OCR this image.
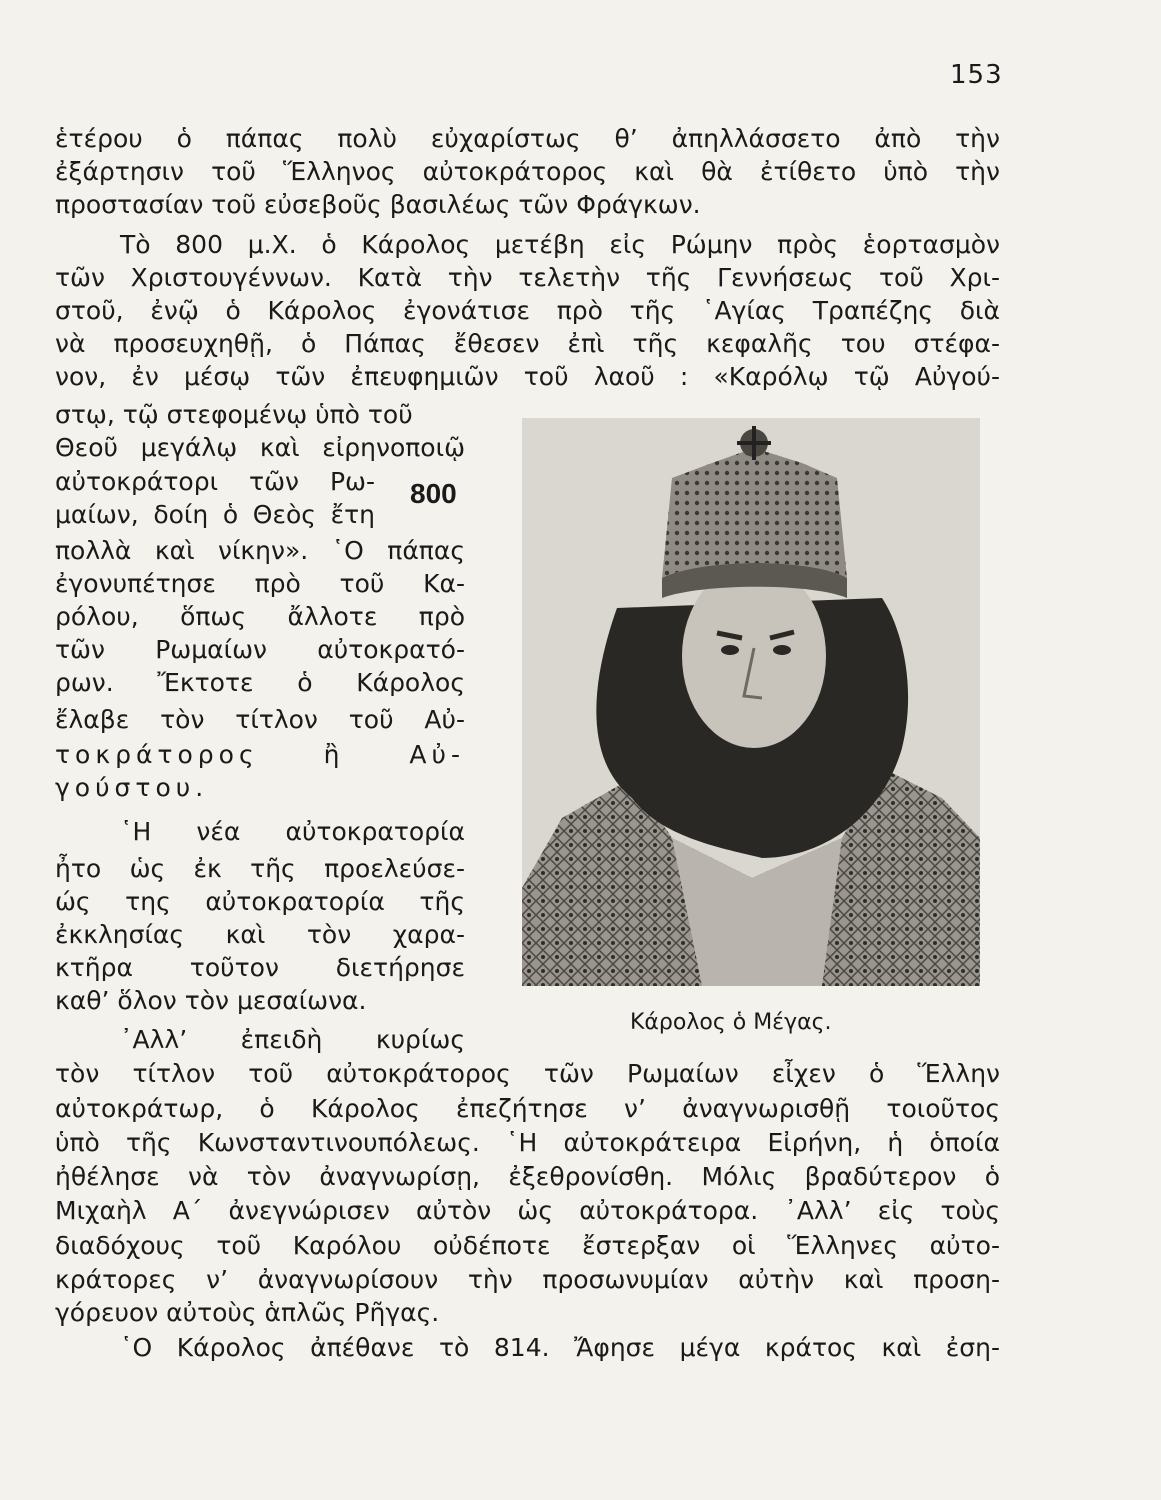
153
ἑτέρου ὁ πάπας πολὺ εὐχαρίστως θ’ ἀπηλλάσσετο ἀπὸ τὴν
ἐξάρτησιν τοῦ Ἕλληνος αὐτοκράτορος καὶ θὰ ἐτίθετο ὑπὸ τὴν
προστασίαν τοῦ εὐσεβοῦς βασιλέως τῶν Φράγκων.
Τὸ 800 μ.Χ. ὁ Κάρολος μετέβη εἰς Ρώμην πρὸς ἑορτασμὸν
τῶν Χριστουγέννων. Κατὰ τὴν τελετὴν τῆς Γεννήσεως τοῦ Χρι-
στοῦ, ἐνῷ ὁ Κάρολος ἐγονάτισε πρὸ τῆς ῾Αγίας Τραπέζης διὰ
νὰ προσευχηθῇ, ὁ Πάπας ἔθεσεν ἐπὶ τῆς κεφαλῆς του στέφα-
νον, ἐν μέσῳ τῶν ἐπευφημιῶν τοῦ λαοῦ : «Καρόλῳ τῷ Αὐγού-
στῳ, τῷ στεφομένῳ ὑπὸ τοῦ
Θεοῦ μεγάλῳ καὶ εἰρηνοποιῷ
αὐτοκράτορι τῶν Ρω-
μαίων, δοίη ὁ Θεὸς ἔτη
πολλὰ καὶ νίκην». ῾Ο πάπας
ἐγονυπέτησε πρὸ τοῦ Κα-
ρόλου, ὅπως ἄλλοτε πρὸ
τῶν Ρωμαίων αὐτοκρατό-
ρων. Ἔκτοτε ὁ Κάρολος
ἔλαβε τὸν τίτλον τοῦ Αὐ-
τοκράτορος ἢ Αὐ-
γούστου.
῾Η νέα αὐτοκρατορία
ἦτο ὡς ἐκ τῆς προελεύσε-
ώς της αὐτοκρατορία τῆς
ἐκκλησίας καὶ τὸν χαρα-
κτῆρα τοῦτον διετήρησε
καθ’ ὅλον τὸν μεσαίωνα.
᾿Αλλ’ ἐπειδὴ κυρίως
τὸν τίτλον τοῦ αὐτοκράτορος τῶν Ρωμαίων εἶχεν ὁ Ἕλλην
αὐτοκράτωρ, ὁ Κάρολος ἐπεζήτησε ν’ ἀναγνωρισθῇ τοιοῦτος
ὑπὸ τῆς Κωνσταντινουπόλεως. ῾Η αὐτοκράτειρα Εἰρήνη, ἡ ὁποία
ἠθέλησε νὰ τὸν ἀναγνωρίσῃ, ἐξεθρονίσθη. Μόλις βραδύτερον ὁ
Μιχαὴλ Α΄ ἀνεγνώρισεν αὐτὸν ὡς αὐτοκράτορα. ᾿Αλλ’ εἰς τοὺς
διαδόχους τοῦ Καρόλου οὐδέποτε ἔστερξαν οἱ Ἕλληνες αὐτο-
κράτορες ν’ ἀναγνωρίσουν τὴν προσωνυμίαν αὐτὴν καὶ προση-
γόρευον αὐτοὺς ἁπλῶς Ρῆγας.
῾Ο Κάρολος ἀπέθανε τὸ 814. Ἄφησε μέγα κράτος καὶ ἐση-
800
Κάρολος ὁ Μέγας.
